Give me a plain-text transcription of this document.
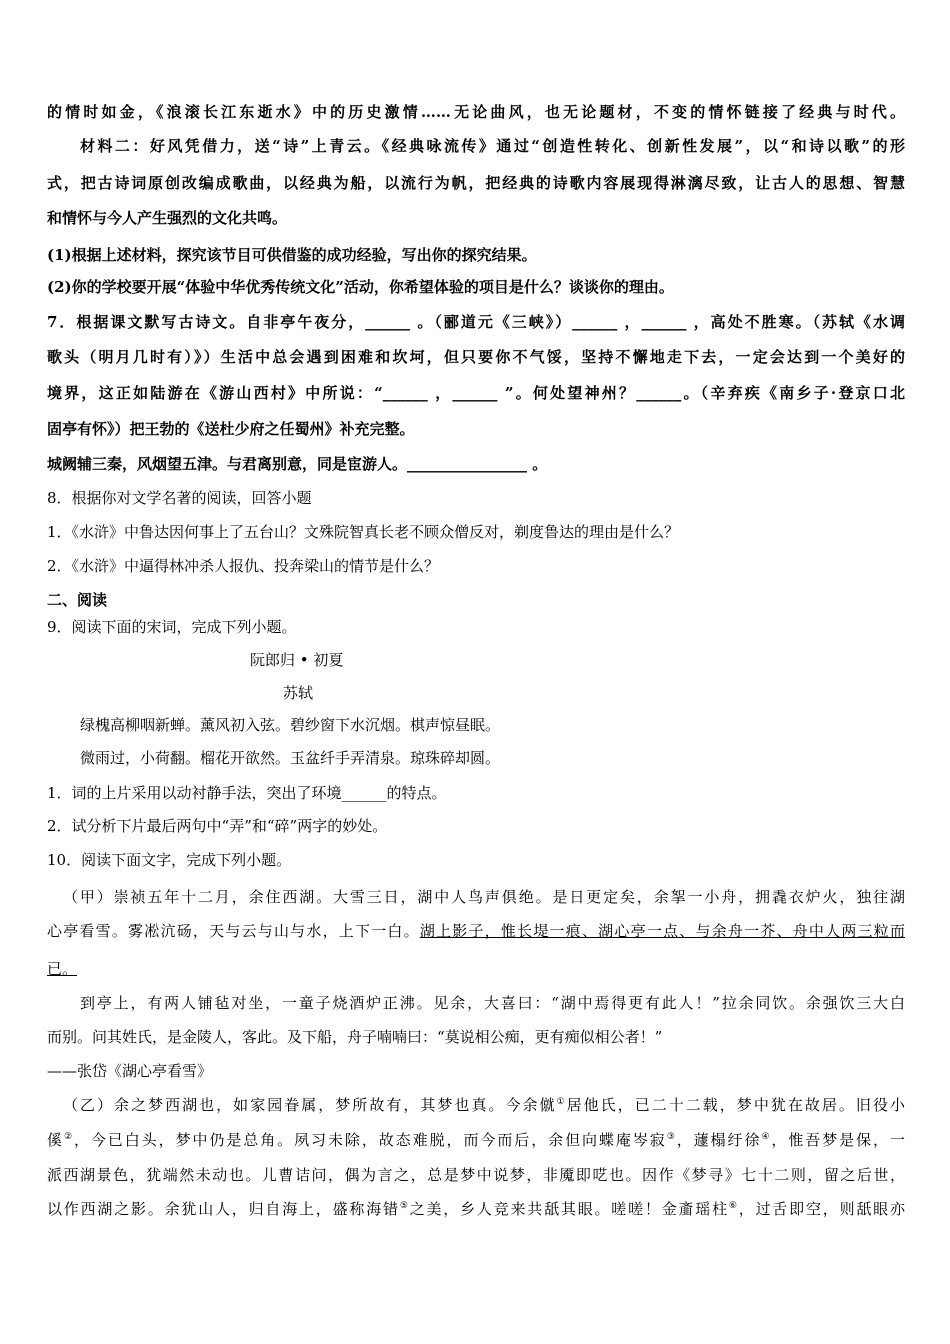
的情时如金，《浪滚长江东逝水》中的历史激情……无论曲风，也无论题材，不变的情怀链接了经典与时代。
材料二：好风凭借力，送“诗”上青云。《经典咏流传》通过“创造性转化、创新性发展”，以“和诗以歌”的形
式，把古诗词原创改编成歌曲，以经典为船，以流行为帆，把经典的诗歌内容展现得淋漓尽致，让古人的思想、智慧
和情怀与今人产生强烈的文化共鸣。
(1)根据上述材料，探究该节目可供借鉴的成功经验，写出你的探究结果。
(2)你的学校要开展“体验中华优秀传统文化”活动，你希望体验的项目是什么？谈谈你的理由。
7．根据课文默写古诗文。自非亭午夜分，______ 。（郦道元《三峡》）______ ，______ ，高处不胜寒。（苏轼《水调
歌头（明月几时有）》）生活中总会遇到困难和坎坷，但只要你不气馁，坚持不懈地走下去，一定会达到一个美好的
境界，这正如陆游在《游山西村》中所说：“______ ，______ ”。何处望神州？______。（辛弃疾《南乡子·登京口北
固亭有怀》）把王勃的《送杜少府之任蜀州》补充完整。
城阙辅三秦，风烟望五津。与君离别意，同是宦游人。________________ 。
8．根据你对文学名著的阅读，回答小题
1．《水浒》中鲁达因何事上了五台山？文殊院智真长老不顾众僧反对，剃度鲁达的理由是什么？
2．《水浒》中逼得林冲杀人报仇、投奔梁山的情节是什么？
二、阅读
9．阅读下面的宋词，完成下列小题。
阮郎归 • 初夏
苏轼
绿槐高柳咽新蝉。薰风初入弦。碧纱窗下水沉烟。棋声惊昼眠。
微雨过，小荷翻。榴花开欲然。玉盆纤手弄清泉。琼珠碎却圆。
1．词的上片采用以动衬静手法，突出了环境______的特点。
2．试分析下片最后两句中“弄”和“碎”两字的妙处。
10．阅读下面文字，完成下列小题。
（甲）崇祯五年十二月，余住西湖。大雪三日，湖中人鸟声俱绝。是日更定矣，余挐一小舟，拥毳衣炉火，独往湖
心亭看雪。雾凇沆砀，天与云与山与水，上下一白。湖上影子，惟长堤一痕、湖心亭一点、与余舟一芥、舟中人两三粒而
已。
到亭上，有两人铺毡对坐，一童子烧酒炉正沸。见余，大喜曰：“湖中焉得更有此人！”拉余同饮。余强饮三大白
而别。问其姓氏，是金陵人，客此。及下船，舟子喃喃曰：“莫说相公痴，更有痴似相公者！”
——张岱《湖心亭看雪》
（乙）余之梦西湖也，如家园眷属，梦所故有，其梦也真。今余僦①居他氏，已二十二载，梦中犹在故居。旧役小
傒②，今已白头，梦中仍是总角。夙习未除，故态难脱，而今而后，余但向蝶庵岑寂③，蘧榻纡徐④，惟吾梦是保，一
派西湖景色，犹端然未动也。儿曹诘问，偶为言之，总是梦中说梦，非魇即呓也。因作《梦寻》七十二则，留之后世，
以作西湖之影。余犹山人，归自海上，盛称海错⑤之美，乡人竞来共舐其眼。嗟嗟！金齑瑶柱⑥，过舌即空，则舐眼亦
